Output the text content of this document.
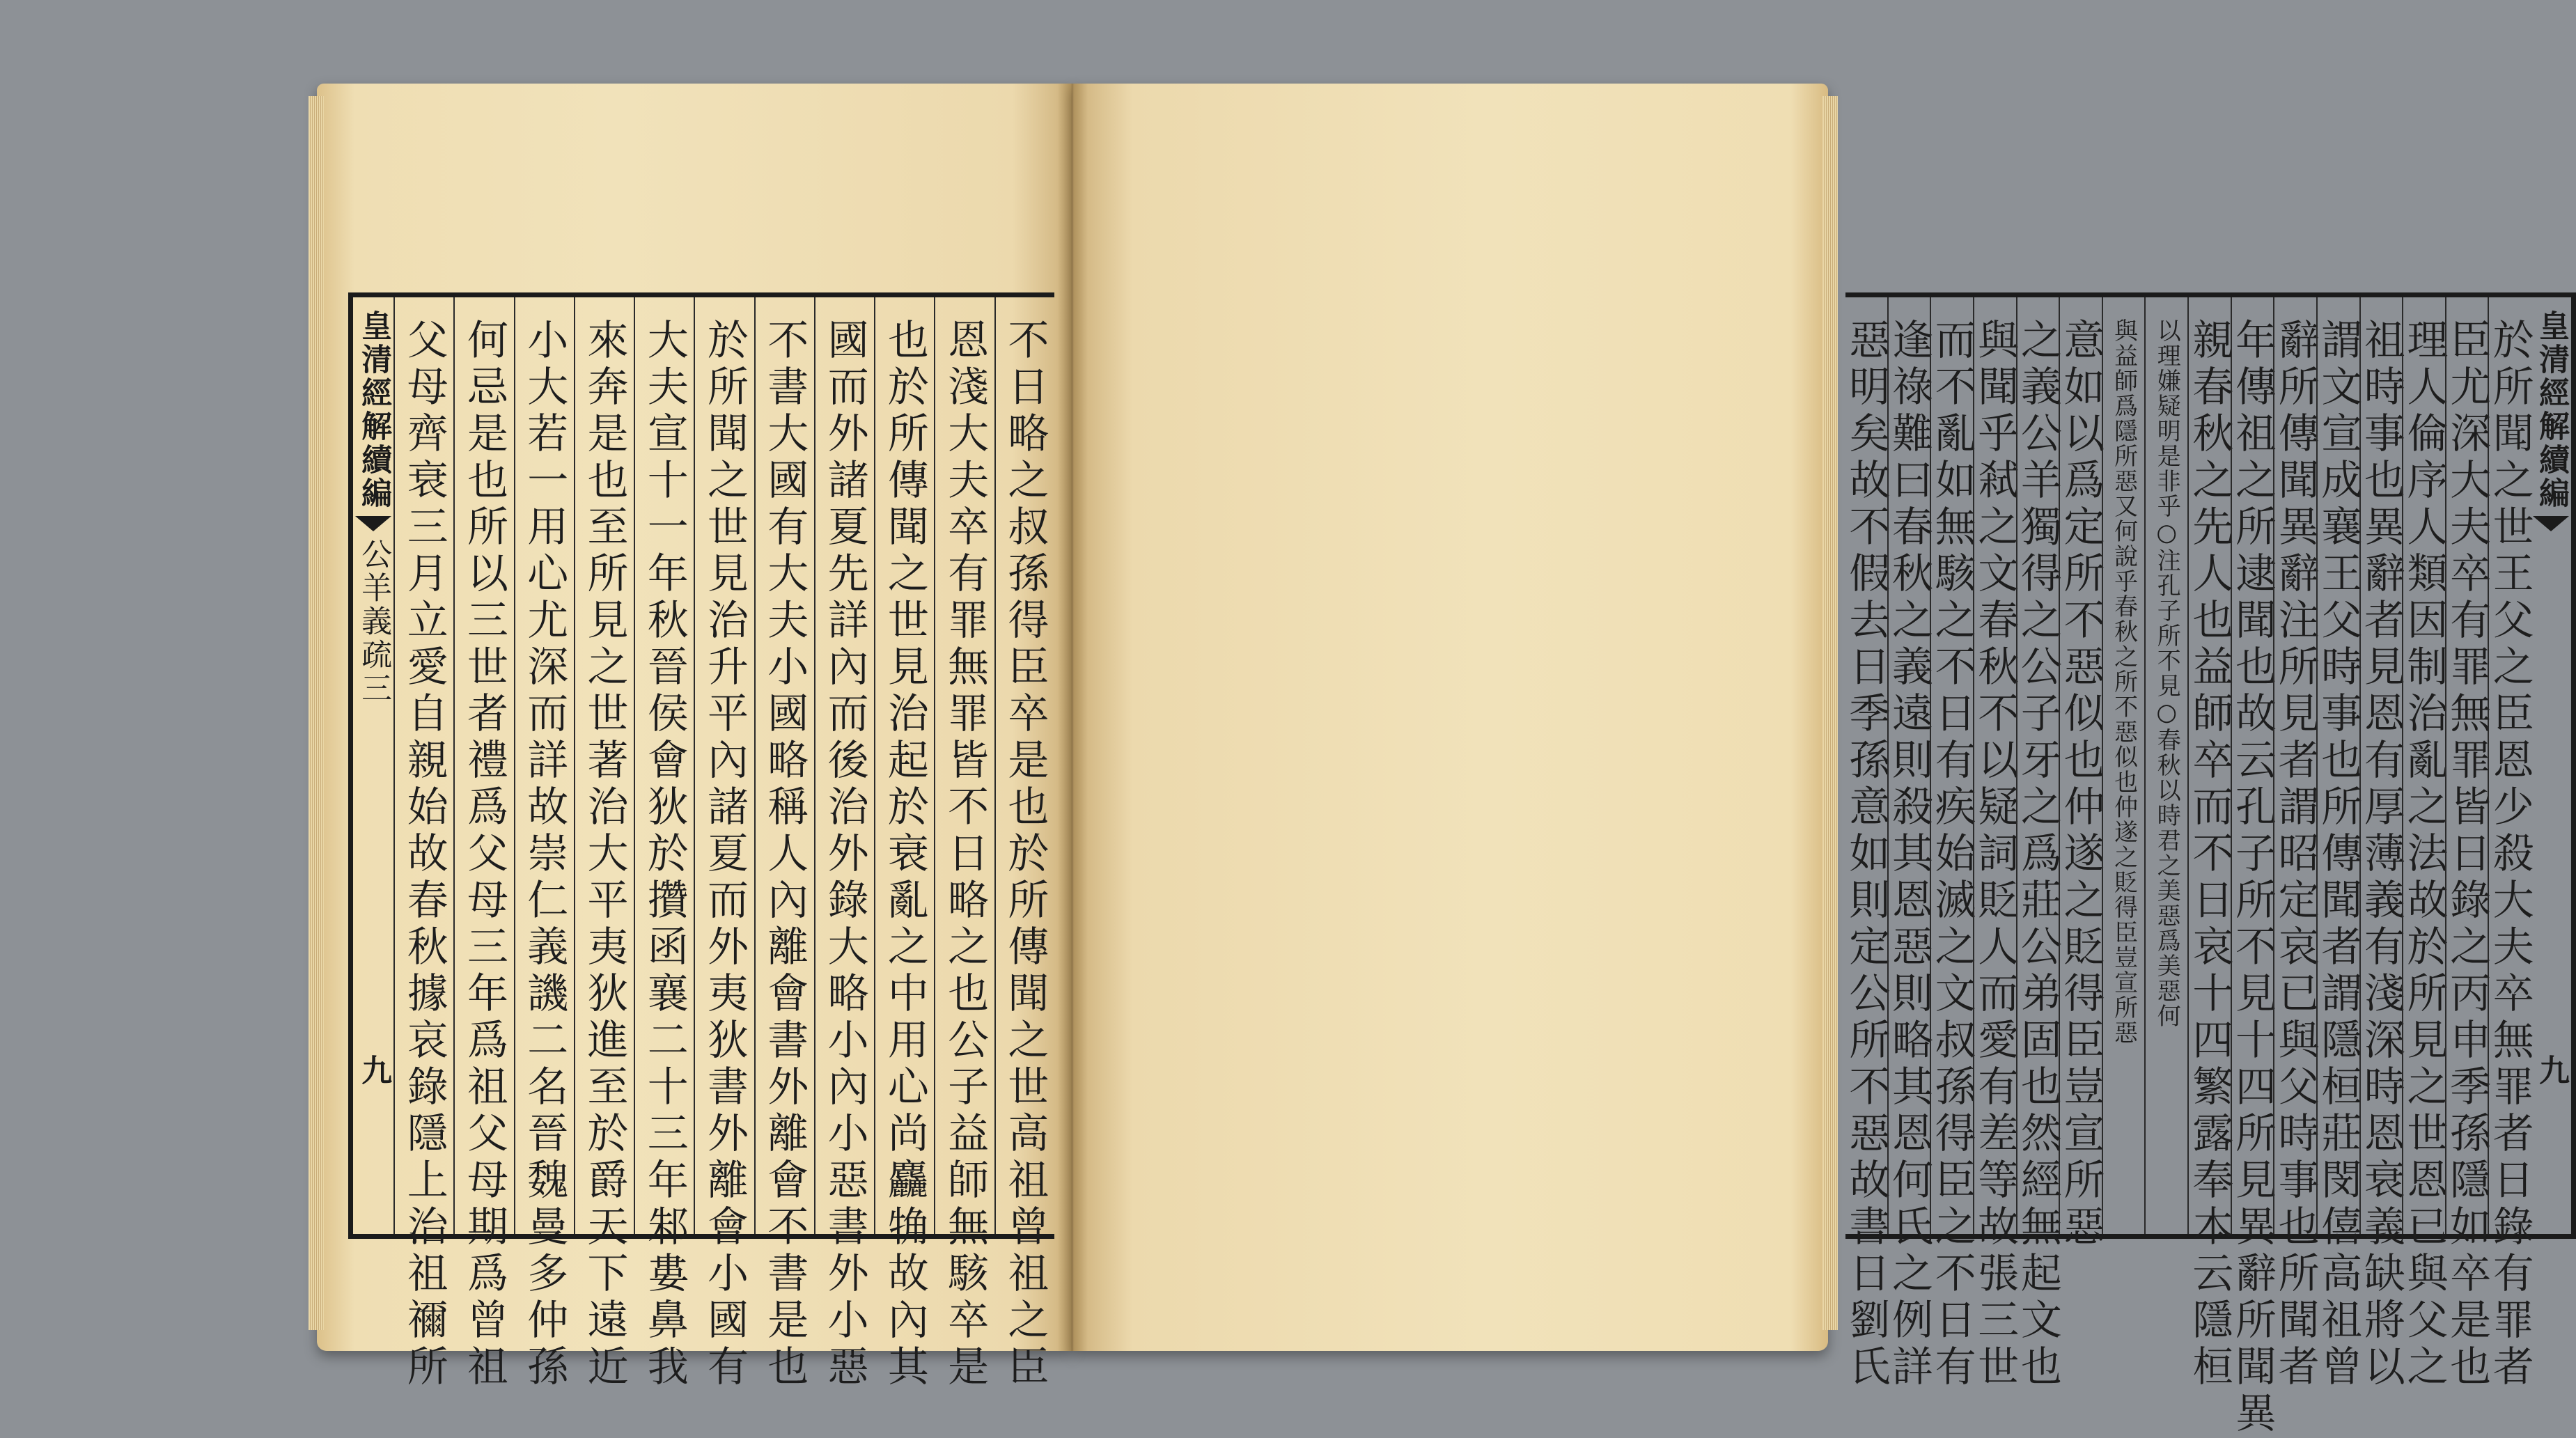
不日略之叔孫得臣卒是也於所傳聞之世高祖曾祖之臣
恩淺大夫卒有罪無罪皆不日略之也公子益師無駭卒是
也於所傳聞之世見治起於衰亂之中用心尚麤觕故內其
國而外諸夏先詳內而後治外錄大略小內小惡書外小惡
不書大國有大夫小國略稱人內離會書外離會不書是也
於所聞之世見治升平內諸夏而外夷狄書外離會小國有
大夫宣十一年秋晉侯會狄於攢函襄二十三年邾婁鼻我
來奔是也至所見之世著治大平夷狄進至於爵天下遠近
小大若一用心尤深而詳故崇仁義譏二名晉魏曼多仲孫
何忌是也所以三世者禮爲父母三年爲祖父母期爲曾祖
父母齊衰三月立愛自親始故春秋據哀錄隱上治祖禰所
皇清經解續編
公羊義疏三
九
皇清經解續編
九
於所聞之世王父之臣恩少殺大夫卒無罪者日錄有罪者
臣尤深大夫卒有罪無罪皆日錄之丙申季孫隱如卒是也
理人倫序人類因制治亂之法故於所見之世恩已與父之
祖時事也異辭者見恩有厚薄義有淺深時恩衰義缺將以
謂文宣成襄王父時事也所傳聞者謂隱桓莊閔僖高祖曾
辭所傳聞異辭注所見者謂昭定哀已與父時事也所聞者
年傳祖之所逮聞也故云孔子所不見十四所見異辭所聞異
親春秋之先人也益師卒而不日哀十四繁露奉本云隱桓
以理嫌疑明是非乎○注孔子所不見○春秋以時君之美惡爲美惡何
與益師爲隱所惡又何說乎春秋之所不惡似也仲遂之貶得臣豈宣所惡
意如以爲定所不惡似也仲遂之貶得臣豈宣所惡
之義公羊獨得之公子牙之爲莊公弟固也然經無起文也
與聞乎弒之文春秋不以疑詞貶人而愛有差等故張三世
而不亂如無駭之不日有疾始滅之文叔孫得臣之不日有
逢祿難曰春秋之義遠則殺其恩惡則略其恩何氏之例詳
惡明矣故不假去日季孫意如則定公所不惡故書日劉氏
